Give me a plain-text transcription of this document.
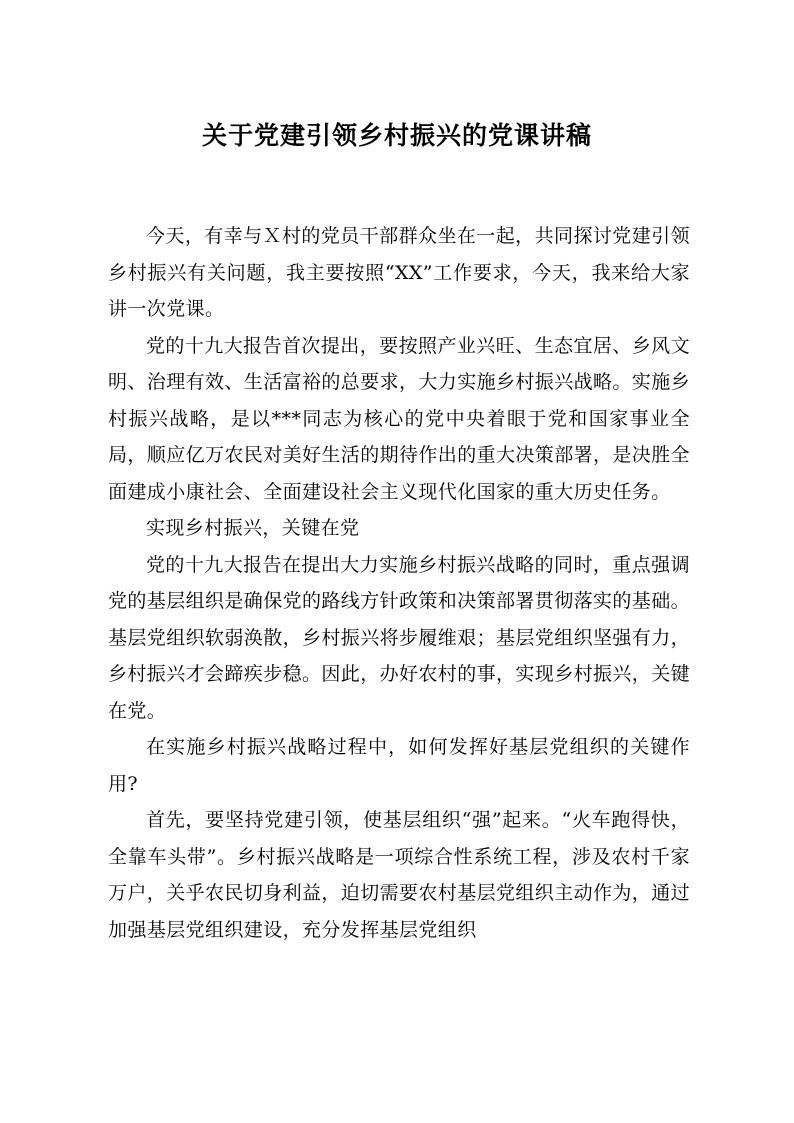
关于党建引领乡村振兴的党课讲稿

今天，有幸与Ｘ村的党员干部群众坐在一起，共同探讨党建引领乡村振兴有关问题，我主要按照“XX”工作要求，今天，我来给大家讲一次党课。

党的十九大报告首次提出，要按照产业兴旺、生态宜居、乡风文明、治理有效、生活富裕的总要求，大力实施乡村振兴战略。实施乡村振兴战略，是以***同志为核心的党中央着眼于党和国家事业全局，顺应亿万农民对美好生活的期待作出的重大决策部署，是决胜全面建成小康社会、全面建设社会主义现代化国家的重大历史任务。

实现乡村振兴，关键在党

党的十九大报告在提出大力实施乡村振兴战略的同时，重点强调党的基层组织是确保党的路线方针政策和决策部署贯彻落实的基础。基层党组织软弱涣散，乡村振兴将步履维艰；基层党组织坚强有力，乡村振兴才会蹄疾步稳。因此，办好农村的事，实现乡村振兴，关键在党。

在实施乡村振兴战略过程中，如何发挥好基层党组织的关键作用?

首先，要坚持党建引领，使基层组织“强”起来。“火车跑得快，全靠车头带”。乡村振兴战略是一项综合性系统工程，涉及农村千家万户，关乎农民切身利益，迫切需要农村基层党组织主动作为，通过加强基层党组织建设，充分发挥基层党组织
